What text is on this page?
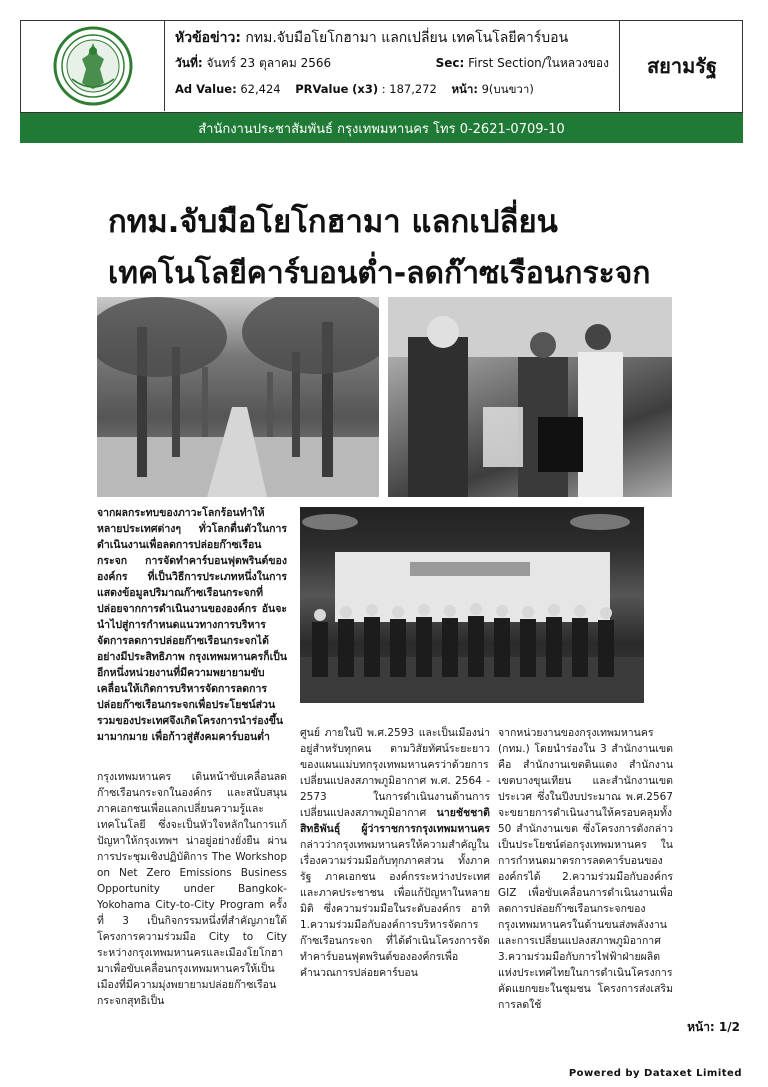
หัวข้อข่าว: กทม.จับมือโยโกฮามา แลกเปลี่ยน เทคโนโลยีคาร์บอน
วันที่: จันทร์ 23 ตุลาคม 2566	Sec: First Section/ในหลวงของ
Ad Value: 62,424 PRValue (x3) : 187,272 หน้า: 9(บนขวา)
สยามรัฐ
สำนักงานประชาสัมพันธ์ กรุงเทพมหานคร โทร 0-2621-0709-10
กทม.จับมือโยโกฮามา แลกเปลี่ยน
เทคโนโลยีคาร์บอนต่ำ-ลดก๊าซเรือนกระจก
จากผลกระทบของภาวะโลกร้อนทำให้หลายประเทศต่างๆ ทั่วโลกตื่นตัวในการดำเนินงานเพื่อลดการปล่อยก๊าซเรือนกระจก การจัดทำคาร์บอนฟุตพรินต์ขององค์กร ที่เป็นวิธีการประเภทหนึ่งในการแสดงข้อมูลปริมาณก๊าซเรือนกระจกที่ปล่อยจากการดำเนินงานขององค์กร อันจะนำไปสู่การกำหนดแนวทางการบริหารจัดการลดการปล่อยก๊าซเรือนกระจกได้อย่างมีประสิทธิภาพ กรุงเทพมหานครก็เป็นอีกหนึ่งหน่วยงานที่มีความพยายามขับเคลื่อนให้เกิดการบริหารจัดการลดการปล่อยก๊าซเรือนกระจกเพื่อประโยชน์ส่วนรวมของประเทศจึงเกิดโครงการนำร่องขึ้นมามากมาย เพื่อก้าวสู่สังคมคาร์บอนต่ำ
กรุงเทพมหานคร เดินหน้าขับเคลื่อนลดก๊าซเรือนกระจกในองค์กร และสนับสนุนภาคเอกชนเพื่อแลกเปลี่ยนความรู้และเทคโนโลยี ซึ่งจะเป็นหัวใจหลักในการแก้ปัญหาให้กรุงเทพฯ น่าอยู่อย่างยั่งยืน ผ่านการประชุมเชิงปฏิบัติการ The Workshop on Net Zero Emissions Business Opportunity under Bangkok-Yokohama City-to-City Program ครั้งที่ 3 เป็นกิจกรรมหนึ่งที่สำคัญภายใต้โครงการความร่วมมือ City to City ระหว่างกรุงเทพมหานครและเมืองโยโกฮามาเพื่อขับเคลื่อนกรุงเทพมหานครให้เป็นเมืองที่มีความมุ่งพยายามปล่อยก๊าซเรือนกระจกสุทธิเป็น
ศูนย์ ภายในปี พ.ศ.2593 และเป็นเมืองน่าอยู่สำหรับทุกคน ตามวิสัยทัศน์ระยะยาวของแผนแม่บทกรุงเทพมหานครว่าด้วยการเปลี่ยนแปลงสภาพภูมิอากาศ พ.ศ. 2564 - 2573 ในการดำเนินงานด้านการเปลี่ยนแปลงสภาพภูมิอากาศ นายชัชชาติ สิทธิพันธุ์ ผู้ว่าราชการกรุงเทพมหานคร กล่าวว่ากรุงเทพมหานครให้ความสำคัญในเรื่องความร่วมมือกับทุกภาคส่วน ทั้งภาครัฐ ภาคเอกชน องค์กรระหว่างประเทศ และภาคประชาชน เพื่อแก้ปัญหาในหลายมิติ ซึ่งความร่วมมือในระดับองค์กร อาทิ 1.ความร่วมมือกับองค์การบริหารจัดการก๊าซเรือนกระจก ที่ได้ดำเนินโครงการจัดทำคาร์บอนฟุตพรินต์ขององค์กรเพื่อคำนวณการปล่อยคาร์บอน
จากหน่วยงานของกรุงเทพมหานคร (กทม.) โดยนำร่องใน 3 สำนักงานเขต คือ สำนักงานเขตดินแดง สำนักงานเขตบางขุนเทียน และสำนักงานเขตประเวศ ซึ่งในปีงบประมาณ พ.ศ.2567 จะขยายการดำเนินงานให้ครอบคลุมทั้ง 50 สำนักงานเขต ซึ่งโครงการดังกล่าวเป็นประโยชน์ต่อกรุงเทพมหานคร ในการกำหนดมาตรการลดคาร์บอนขององค์กรได้ 2.ความร่วมมือกับองค์กร GIZ เพื่อขับเคลื่อนการดำเนินงานเพื่อลดการปล่อยก๊าซเรือนกระจกของกรุงเทพมหานครในด้านขนส่งพลังงานและการเปลี่ยนแปลงสภาพภูมิอากาศ 3.ความร่วมมือกับการไฟฟ้าฝ่ายผลิตแห่งประเทศไทยในการดำเนินโครงการคัดแยกขยะในชุมชน โครงการส่งเสริมการลดใช้
หน้า: 1/2
Powered by Dataxet Limited
